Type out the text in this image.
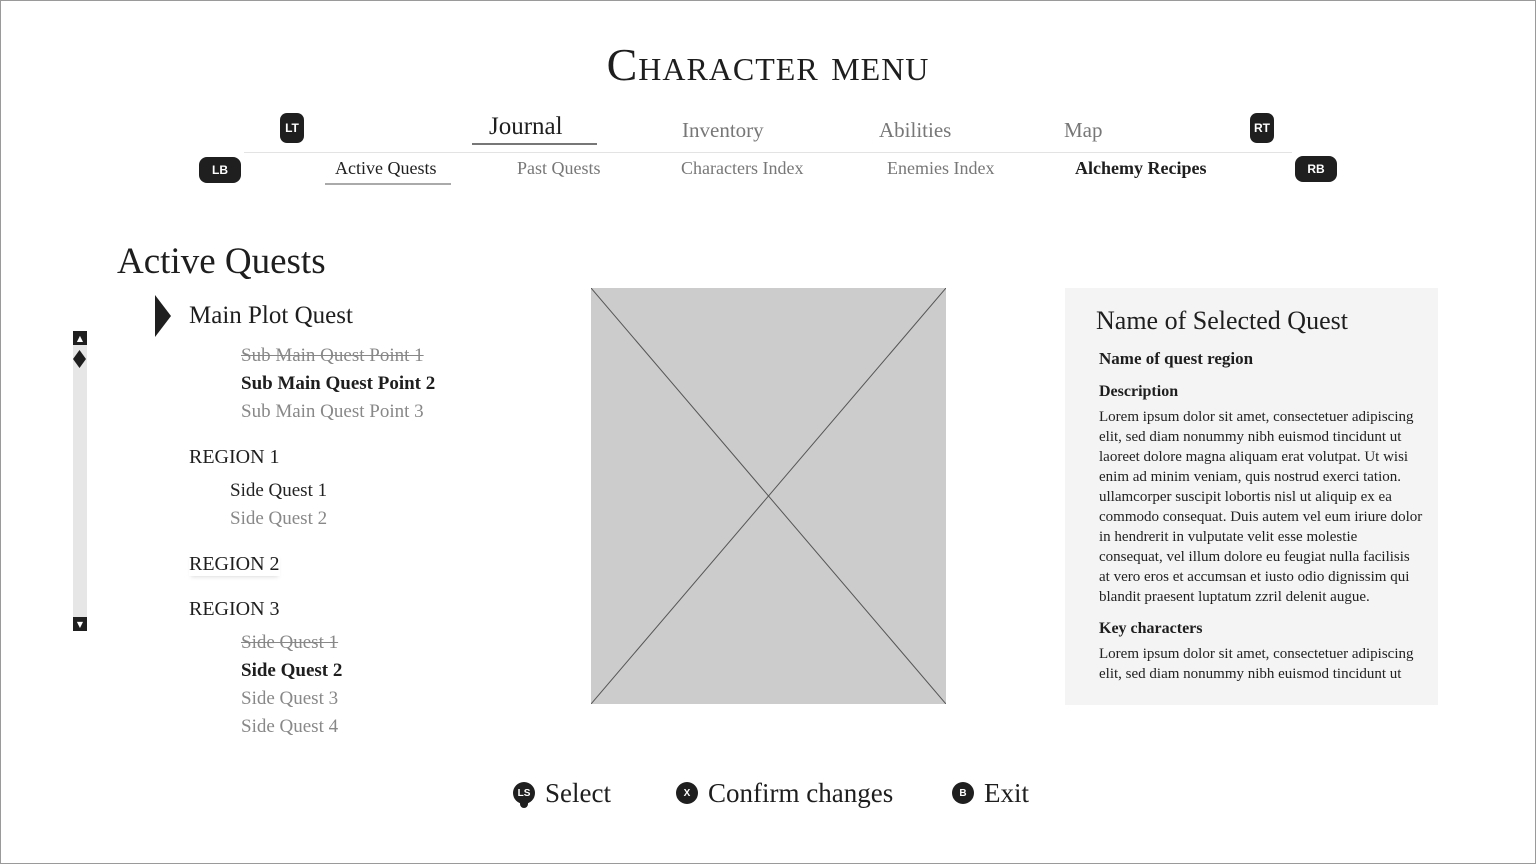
Character menu
LT	Journal	Inventory	Abilities	Map	RT
LB	Active Quests	Past Quests	Characters Index	Enemies Index	Alchemy Recipes	RB
Active Quests
▲
▼
Main Plot Quest
Sub Main Quest Point 1
Sub Main Quest Point 2
Sub Main Quest Point 3
REGION 1
Side Quest 1
Side Quest 2
REGION 2
REGION 3
Side Quest 1
Side Quest 2
Side Quest 3
Side Quest 4
Name of Selected Quest
Name of quest region
Description
Lorem ipsum dolor sit amet, consectetuer adipiscing elit, sed diam nonummy nibh euismod tincidunt ut laoreet dolore magna aliquam erat volutpat. Ut wisi enim ad minim veniam, quis nostrud exerci tation. ullamcorper suscipit lobortis nisl ut aliquip ex ea commodo consequat. Duis autem vel eum iriure dolor in hendrerit in vulputate velit esse molestie consequat, vel illum dolore eu feugiat nulla facilisis at vero eros et accumsan et iusto odio dignissim qui blandit praesent luptatum zzril delenit augue.
Key characters
Lorem ipsum dolor sit amet, consectetuer adipiscing elit, sed diam nonummy nibh euismod tincidunt ut
LS Select	X Confirm changes	B Exit
